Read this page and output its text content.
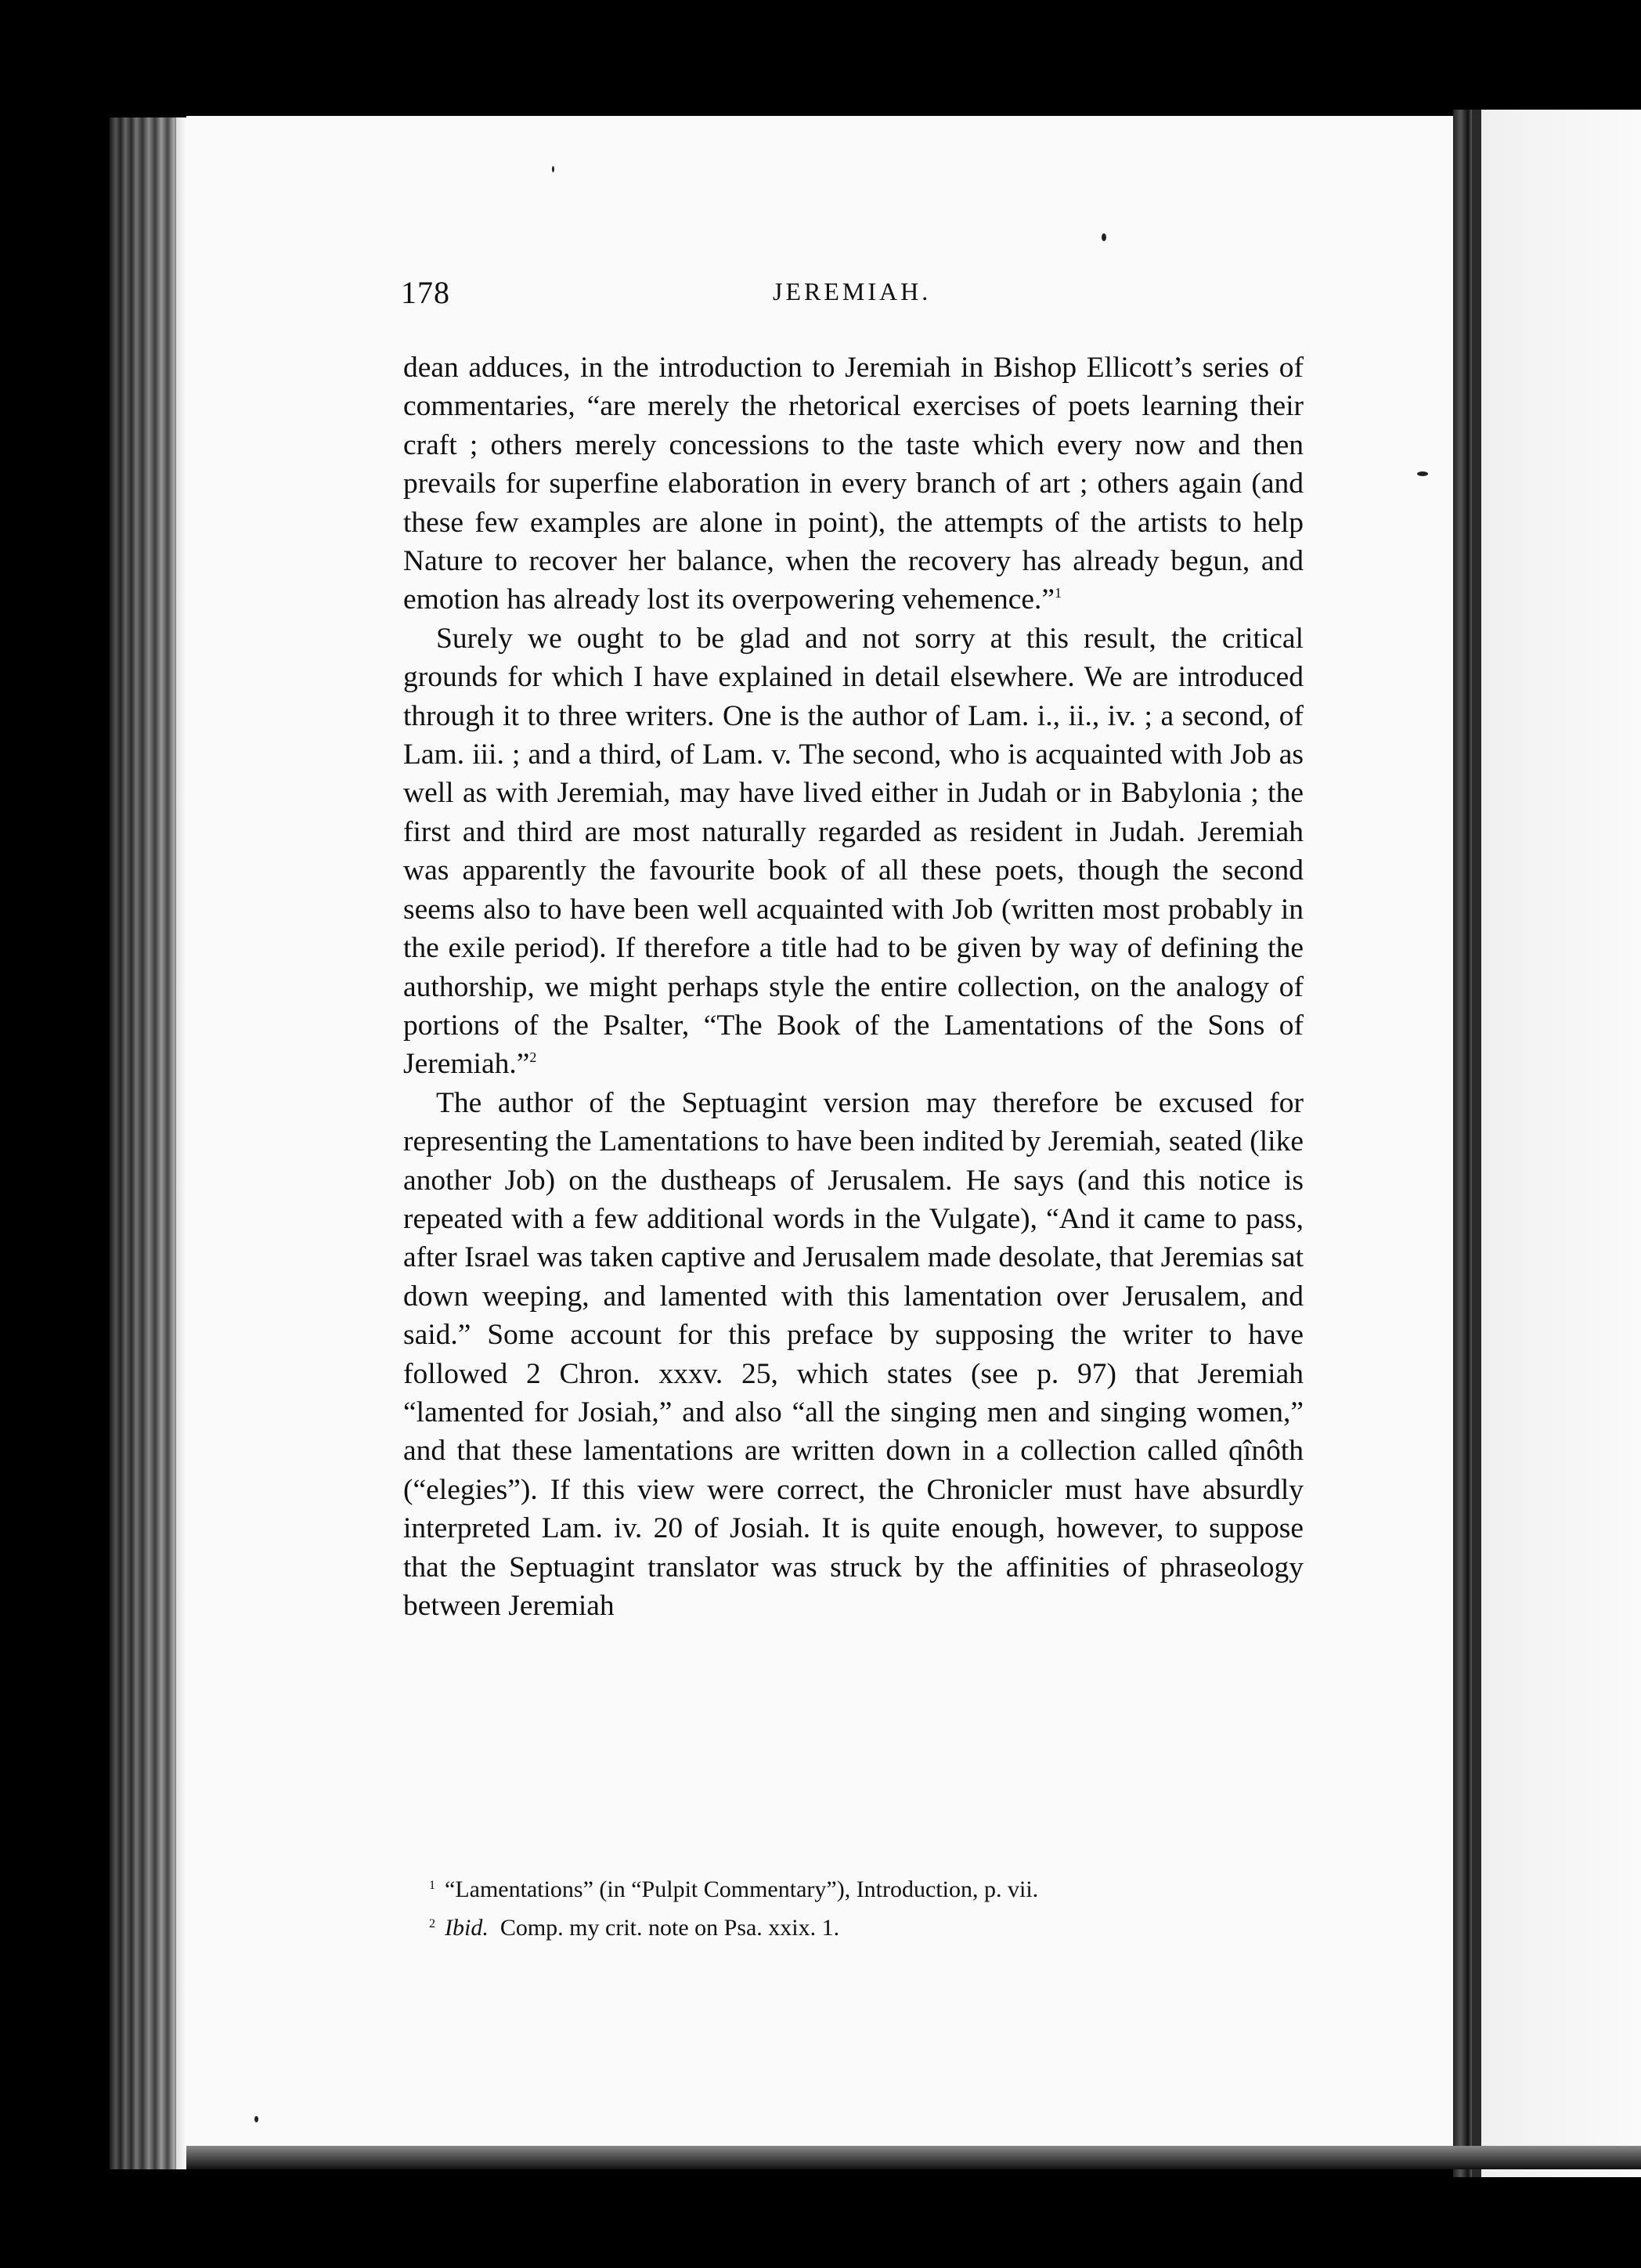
178	JEREMIAH.

dean adduces, in the introduction to Jeremiah in Bishop Ellicott’s series of commentaries, “are merely the rhetorical exercises of poets learning their craft ; others merely concessions to the taste which every now and then prevails for superfine elaboration in every branch of art ; others again (and these few examples are alone in point), the attempts of the artists to help Nature to recover her balance, when the recovery has already begun, and emotion has already lost its overpowering vehemence.”$^1$

Surely we ought to be glad and not sorry at this result, the critical grounds for which I have explained in detail elsewhere. We are introduced through it to three writers. One is the author of Lam. i., ii., iv. ; a second, of Lam. iii. ; and a third, of Lam. v. The second, who is acquainted with Job as well as with Jeremiah, may have lived either in Judah or in Babylonia ; the first and third are most naturally regarded as resident in Judah. Jeremiah was apparently the favourite book of all these poets, though the second seems also to have been well acquainted with Job (written most probably in the exile period). If therefore a title had to be given by way of defining the authorship, we might perhaps style the entire collection, on the analogy of portions of the Psalter, “The Book of the Lamentations of the Sons of Jeremiah.”$^2$

The author of the Septuagint version may therefore be excused for representing the Lamentations to have been indited by Jeremiah, seated (like another Job) on the dustheaps of Jerusalem. He says (and this notice is repeated with a few additional words in the Vulgate), “And it came to pass, after Israel was taken captive and Jerusalem made desolate, that Jeremias sat down weeping, and lamented with this lamentation over Jerusalem, and said.” Some account for this preface by supposing the writer to have followed 2 Chron. xxxv. 25, which states (see p. 97) that Jeremiah “lamented for Josiah,” and also “all the singing men and singing women,” and that these lamentations are written down in a collection called qînôth (“elegies”). If this view were correct, the Chronicler must have absurdly interpreted Lam. iv. 20 of Josiah. It is quite enough, however, to suppose that the Septuagint translator was struck by the affinities of phraseology between Jeremiah

1 “Lamentations” (in “Pulpit Commentary”), Introduction, p. vii.
2 Ibid. Comp. my crit. note on Psa. xxix. 1.
